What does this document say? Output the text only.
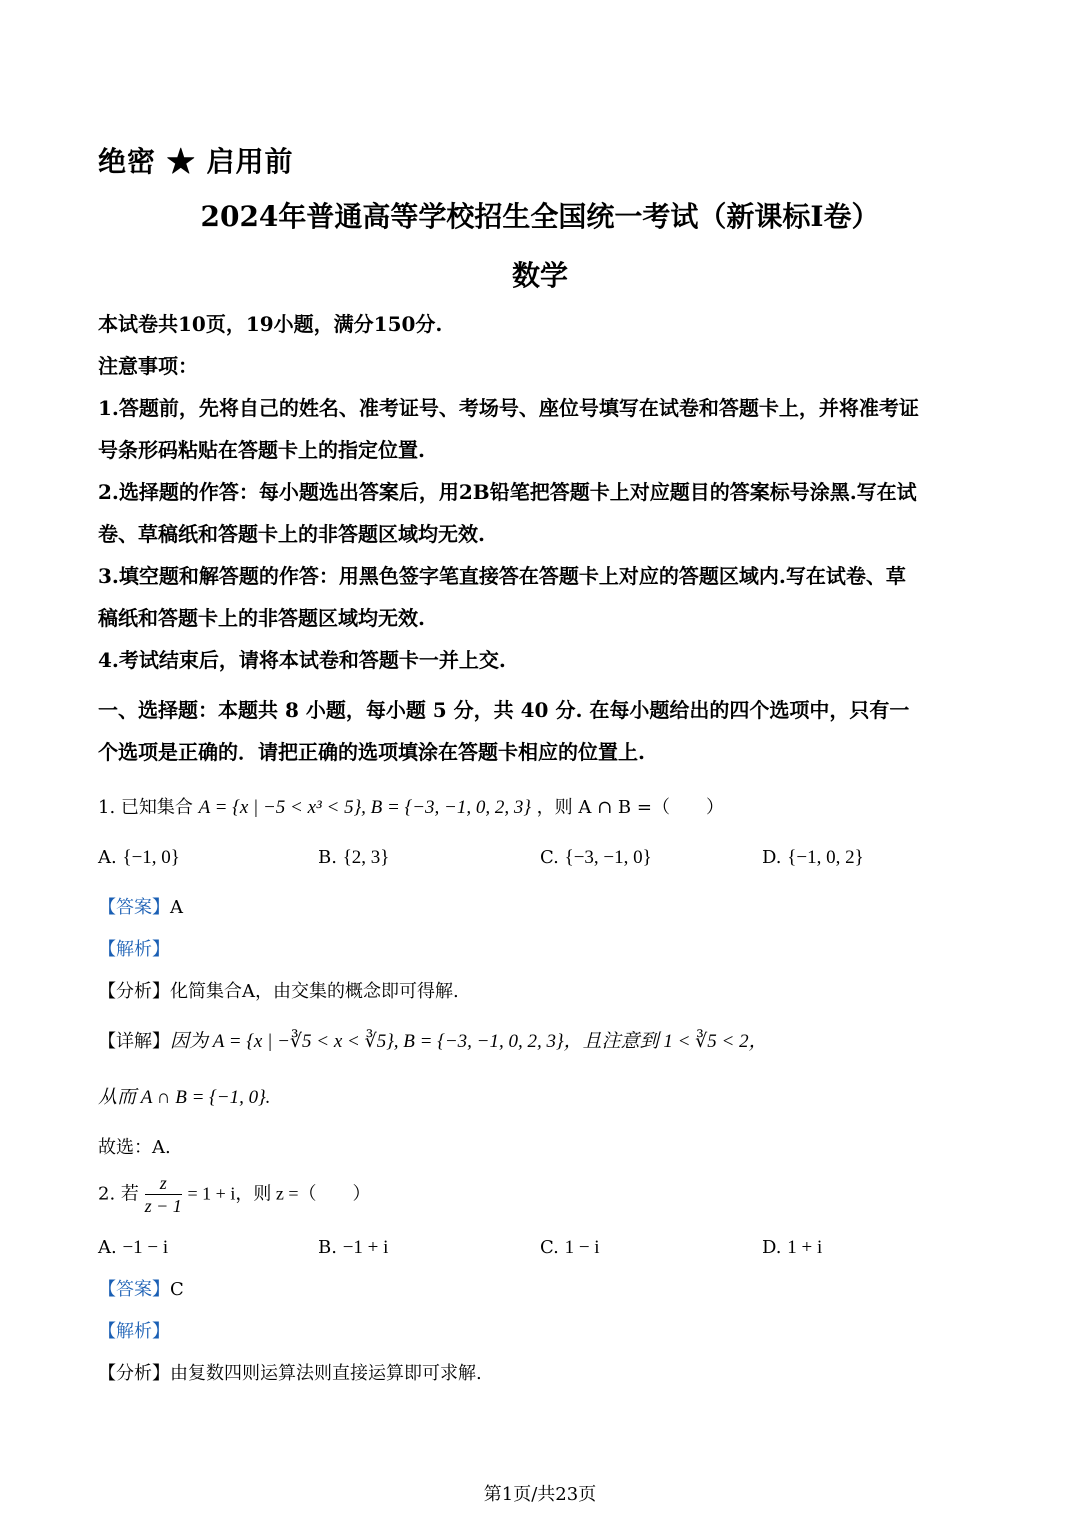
绝密 ★ 启用前
2024年普通高等学校招生全国统一考试（新课标I卷）
数学
本试卷共10页，19小题，满分150分.
注意事项：
1.答题前，先将自己的姓名、准考证号、考场号、座位号填写在试卷和答题卡上，并将准考证
号条形码粘贴在答题卡上的指定位置.
2.选择题的作答：每小题选出答案后，用2B铅笔把答题卡上对应题目的答案标号涂黑.写在试
卷、草稿纸和答题卡上的非答题区域均无效.
3.填空题和解答题的作答：用黑色签字笔直接答在答题卡上对应的答题区域内.写在试卷、草
稿纸和答题卡上的非答题区域均无效.
4.考试结束后，请将本试卷和答题卡一并上交.
一、选择题：本题共 8 小题，每小题 5 分，共 40 分. 在每小题给出的四个选项中，只有一
个选项是正确的．请把正确的选项填涂在答题卡相应的位置上.
1. 已知集合 A = {x | −5 < x³ < 5}, B = {−3, −1, 0, 2, 3} ，则 A ∩ B =（　　）
A. {−1, 0}	B. {2, 3}	C. {−3, −1, 0}	D. {−1, 0, 2}
【答案】A
【解析】
【分析】化简集合A，由交集的概念即可得解.
【详解】因为 A = {x | −∛5 < x < ∛5}, B = {−3, −1, 0, 2, 3}，且注意到 1 < ∛5 < 2，
从而 A ∩ B = {−1, 0}.
故选：A.
2. 若 $\frac{z}{z - 1} = 1 + i$，则 z =（　　）
A. −1 − i	B. −1 + i	C. 1 − i	D. 1 + i
【答案】C
【解析】
【分析】由复数四则运算法则直接运算即可求解.
第1页/共23页
